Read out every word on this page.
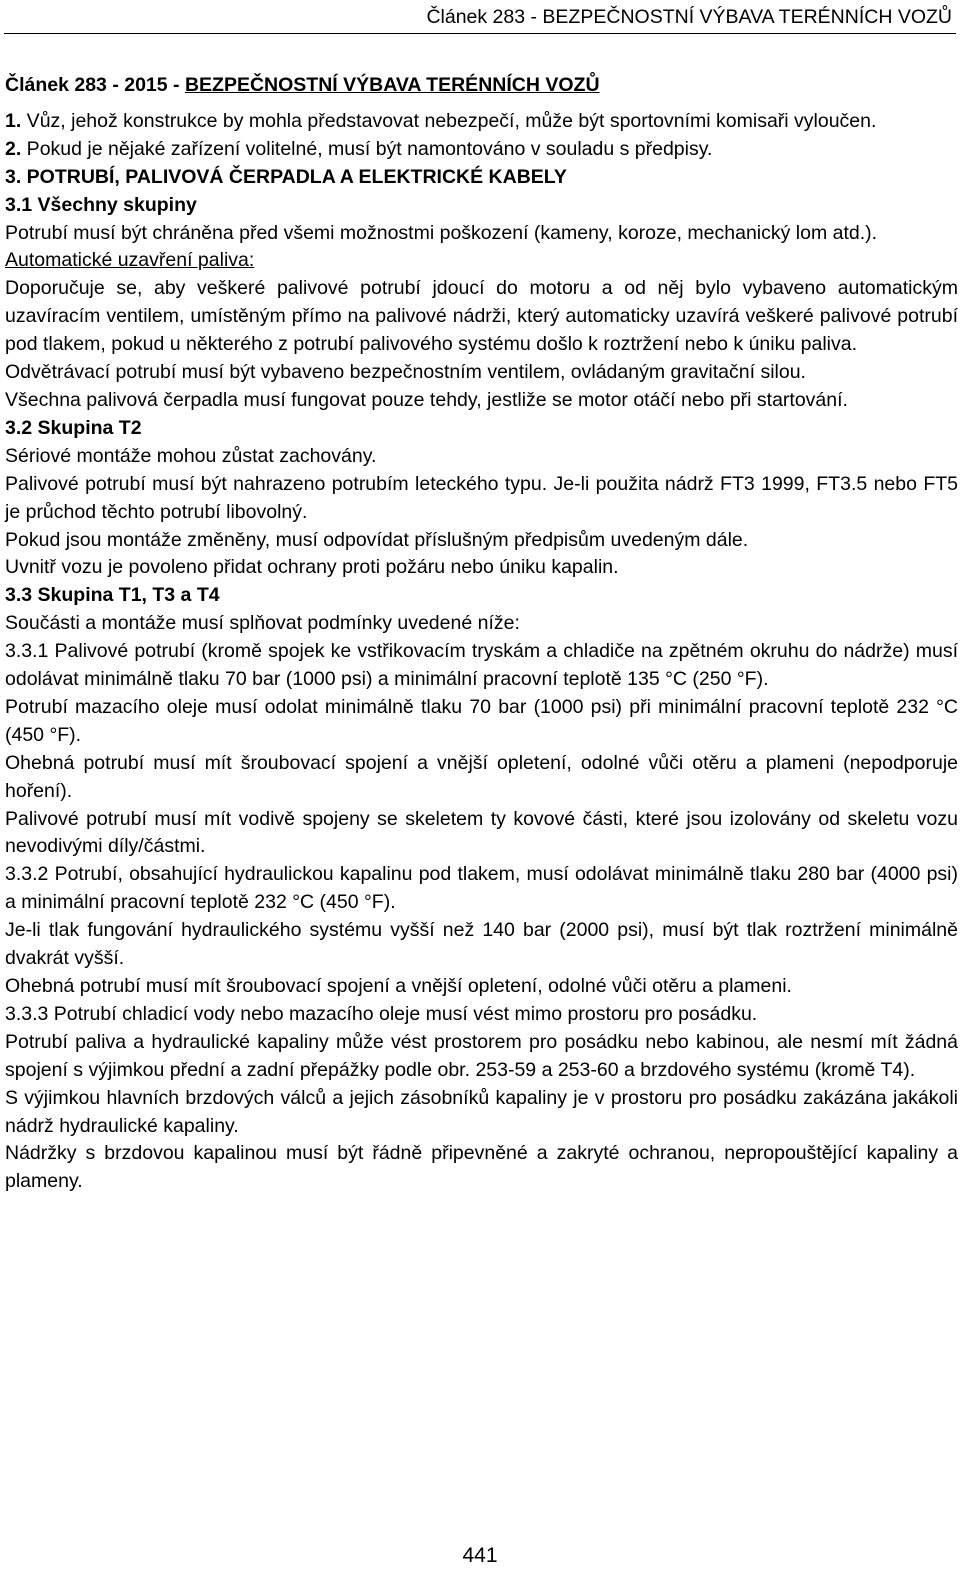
Článek 283 - BEZPEČNOSTNÍ VÝBAVA TERÉNNÍCH VOZŮ

Článek 283 - 2015 - BEZPEČNOSTNÍ VÝBAVA TERÉNNÍCH VOZŮ

1. Vůz, jehož konstrukce by mohla představovat nebezpečí, může být sportovními komisaři vyloučen.

2. Pokud je nějaké zařízení volitelné, musí být namontováno v souladu s předpisy.

3. POTRUBÍ, PALIVOVÁ ČERPADLA A ELEKTRICKÉ KABELY

3.1 Všechny skupiny

Potrubí musí být chráněna před všemi možnostmi poškození (kameny, koroze, mechanický lom atd.).

Automatické uzavření paliva:

Doporučuje se, aby veškeré palivové potrubí jdoucí do motoru a od něj bylo vybaveno automatickým uzavíracím ventilem, umístěným přímo na palivové nádrži, který automaticky uzavírá veškeré palivové potrubí pod tlakem, pokud u některého z potrubí palivového systému došlo k roztržení nebo k úniku paliva.

Odvětrávací potrubí musí být vybaveno bezpečnostním ventilem, ovládaným gravitační silou.

Všechna palivová čerpadla musí fungovat pouze tehdy, jestliže se motor otáčí nebo při startování.

3.2 Skupina T2

Sériové montáže mohou zůstat zachovány.

Palivové potrubí musí být nahrazeno potrubím leteckého typu. Je-li použita nádrž FT3 1999, FT3.5 nebo FT5 je průchod těchto potrubí libovolný.

Pokud jsou montáže změněny, musí odpovídat příslušným předpisům uvedeným dále.

Uvnitř vozu je povoleno přidat ochrany proti požáru nebo úniku kapalin.

3.3 Skupina T1, T3 a T4

Součásti a montáže musí splňovat podmínky uvedené níže:

3.3.1 Palivové potrubí (kromě spojek ke vstřikovacím tryskám a chladiče na zpětném okruhu do nádrže) musí odolávat minimálně tlaku 70 bar (1000 psi) a minimální pracovní teplotě 135 °C (250 °F).

Potrubí mazacího oleje musí odolat minimálně tlaku 70 bar (1000 psi) při minimální pracovní teplotě 232 °C (450 °F).

Ohebná potrubí musí mít šroubovací spojení a vnější opletení, odolné vůči otěru a plameni (nepodporuje hoření).

Palivové potrubí musí mít vodivě spojeny se skeletem ty kovové části, které jsou izolovány od skeletu vozu nevodivými díly/částmi.

3.3.2 Potrubí, obsahující hydraulickou kapalinu pod tlakem, musí odolávat minimálně tlaku 280 bar (4000 psi) a minimální pracovní teplotě 232 °C (450 °F).

Je-li tlak fungování hydraulického systému vyšší než 140 bar (2000 psi), musí být tlak roztržení minimálně dvakrát vyšší.

Ohebná potrubí musí mít šroubovací spojení a vnější opletení, odolné vůči otěru a plameni.

3.3.3 Potrubí chladicí vody nebo mazacího oleje musí vést mimo prostoru pro posádku.

Potrubí paliva a hydraulické kapaliny může vést prostorem pro posádku nebo kabinou, ale nesmí mít žádná spojení s výjimkou přední a zadní přepážky podle obr. 253-59 a 253-60 a brzdového systému (kromě T4).

S výjimkou hlavních brzdových válců a jejich zásobníků kapaliny je v prostoru pro posádku zakázána jakákoli nádrž hydraulické kapaliny.

Nádržky s brzdovou kapalinou musí být řádně připevněné a zakryté ochranou, nepropouštějící kapaliny a plameny.

441
